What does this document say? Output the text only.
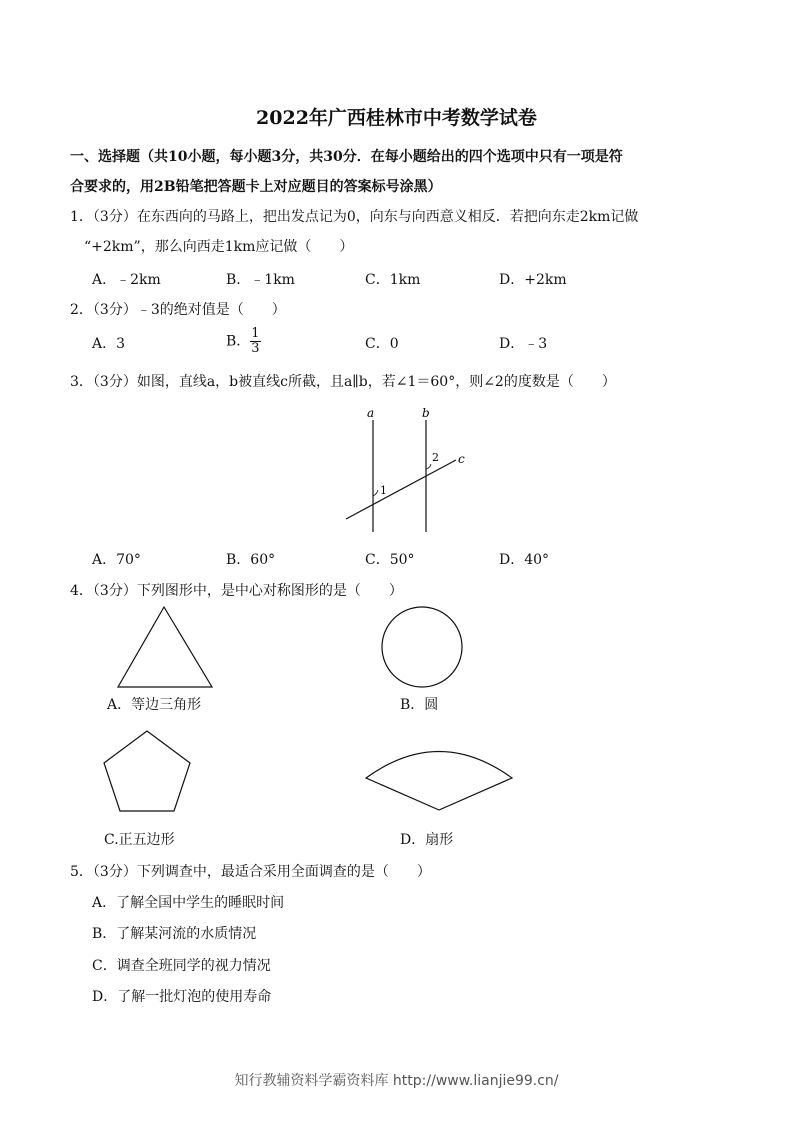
2022年广西桂林市中考数学试卷
一、选择题（共10小题，每小题3分，共30分．在每小题给出的四个选项中只有一项是符
合要求的，用2B铅笔把答题卡上对应题目的答案标号涂黑）
1．（3分）在东西向的马路上，把出发点记为0，向东与向西意义相反．若把向东走2km记做
“+2km”，那么向西走1km应记做（　　）
A．﹣2km	B．﹣1km	C．1km	D．+2km
2．（3分）﹣3的绝对值是（　　）
A．3	B． $\frac{1}{3}$	C．0	D．﹣3
3．（3分）如图，直线a，b被直线c所截，且a∥b，若∠1＝60°，则∠2的度数是（　　）
a	b
c
1
2
A．70°	B．60°	C．50°	D．40°
4．（3分）下列图形中，是中心对称图形的是（　　）
A．等边三角形	B．圆
C.正五边形	D．扇形
5．（3分）下列调查中，最适合采用全面调查的是（　　）
A．了解全国中学生的睡眠时间
B．了解某河流的水质情况
C．调查全班同学的视力情况
D．了解一批灯泡的使用寿命
知行教辅资料学霸资料库 http://www.lianjie99.cn/
